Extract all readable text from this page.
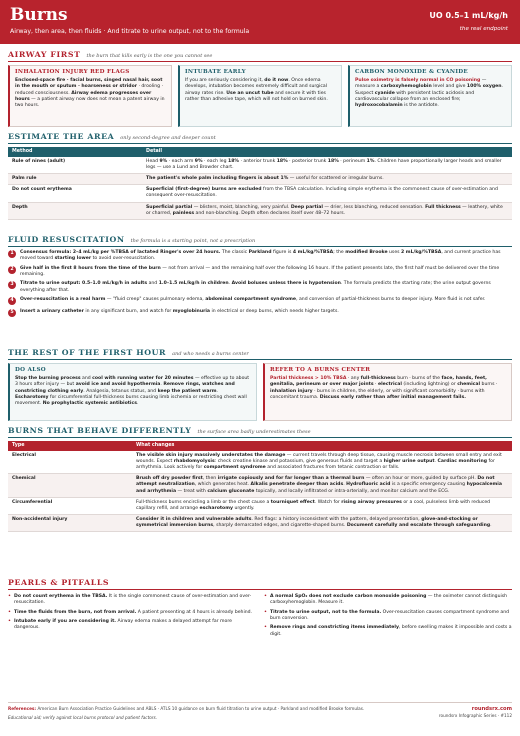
Burns
Airway, then area, then fluids · And titrate to urine output, not to the formula
UO 0.5–1 mL/kg/h
the real endpoint
AIRWAY FIRST the burn that kills early is the one you cannot see
INHALATION INJURY RED FLAGS
Enclosed-space fire · facial burns, singed nasal hair, soot in the mouth or sputum · hoarseness or stridor · drooling · reduced consciousness. Airway edema progresses over hours — a patient airway now does not mean a patent airway in two hours.
INTUBATE EARLY
If you are seriously considering it, do it now. Once edema develops, intubation becomes extremely difficult and surgical airway rates rise. Use an uncut tube and secure it with ties rather than adhesive tape, which will not hold on burned skin.
CARBON MONOXIDE & CYANIDE
Pulse oximetry is falsely normal in CO poisoning — measure a carboxyhemoglobin level and give 100% oxygen. Suspect cyanide with persistent lactic acidosis and cardiovascular collapse from an enclosed fire; hydroxocobalamin is the antidote.
ESTIMATE THE AREA only second-degree and deeper count
Method	Detail
Rule of nines (adult)	Head 9% · each arm 9% · each leg 18% · anterior trunk 18% · posterior trunk 18% · perineum 1%. Children have proportionally larger heads and smaller legs — use a Lund and Browder chart.
Palm rule	The patient's whole palm including fingers is about 1% — useful for scattered or irregular burns.
Do not count erythema	Superficial (first-degree) burns are excluded from the TBSA calculation. Including simple erythema is the commonest cause of over-estimation and consequent over-resuscitation.
Depth	Superficial partial — blisters, moist, blanching, very painful. Deep partial — drier, less blanching, reduced sensation. Full thickness — leathery, white or charred, painless and non-blanching. Depth often declares itself over 48–72 hours.
FLUID RESUSCITATION the formula is a starting point, not a prescription
1	Consensus formula: 2–4 mL/kg per %TBSA of lactated Ringer's over 24 hours. The classic Parkland figure is 4 mL/kg/%TBSA; the modified Brooke uses 2 mL/kg/%TBSA, and current practice has moved toward starting lower to avoid over-resuscitation.
2	Give half in the first 8 hours from the time of the burn — not from arrival — and the remaining half over the following 16 hours. If the patient presents late, the first half must be delivered over the time remaining.
3	Titrate to urine output: 0.5–1.0 mL/kg/h in adults and 1.0–1.5 mL/kg/h in children. Avoid boluses unless there is hypotension. The formula predicts the starting rate; the urine output governs everything after that.
4	Over-resuscitation is a real harm — "fluid creep" causes pulmonary edema, abdominal compartment syndrome, and conversion of partial-thickness burns to deeper injury. More fluid is not safer.
5	Insert a urinary catheter in any significant burn, and watch for myoglobinuria in electrical or deep burns, which needs higher targets.
THE REST OF THE FIRST HOUR and who needs a burns center
DO ALSO
Stop the burning process and cool with running water for 20 minutes — effective up to about 3 hours after injury — but avoid ice and avoid hypothermia. Remove rings, watches and constricting clothing early. Analgesia, tetanus status, and keep the patient warm. Escharotomy for circumferential full-thickness burns causing limb ischemia or restricting chest wall movement. No prophylactic systemic antibiotics.
REFER TO A BURNS CENTER
Partial thickness > 10% TBSA · any full-thickness burn · burns of the face, hands, feet, genitalia, perineum or over major joints · electrical (including lightning) or chemical burns · inhalation injury · burns in children, the elderly, or with significant comorbidity · burns with concomitant trauma. Discuss early rather than after initial management fails.
BURNS THAT BEHAVE DIFFERENTLY the surface area badly underestimates these
Type	What changes
Electrical	The visible skin injury massively understates the damage — current travels through deep tissue, causing muscle necrosis between small entry and exit wounds. Expect rhabdomyolysis: check creatine kinase and potassium, give generous fluids and target a higher urine output. Cardiac monitoring for arrhythmia. Look actively for compartment syndrome and associated fractures from tetanic contraction or falls.
Chemical	Brush off dry powder first, then irrigate copiously and for far longer than a thermal burn — often an hour or more, guided by surface pH. Do not attempt neutralization, which generates heat. Alkalis penetrate deeper than acids. Hydrofluoric acid is a specific emergency causing hypocalcemia and arrhythmia — treat with calcium gluconate topically, and locally infiltrated or intra-arterially, and monitor calcium and the ECG.
Circumferential	Full-thickness burns encircling a limb or the chest cause a tourniquet effect. Watch for rising airway pressures or a cool, pulseless limb with reduced capillary refill, and arrange escharotomy urgently.
Non-accidental injury	Consider it in children and vulnerable adults. Red flags: a history inconsistent with the pattern, delayed presentation, glove-and-stocking or symmetrical immersion burns, sharply demarcated edges, and cigarette-shaped burns. Document carefully and escalate through safeguarding.
PEARLS & PITFALLS
• Do not count erythema in the TBSA. It is the single commonest cause of over-estimation and over-resuscitation.
• Time the fluids from the burn, not from arrival. A patient presenting at 4 hours is already behind.
• Intubate early if you are considering it. Airway edema makes a delayed attempt far more dangerous.
• A normal SpO₂ does not exclude carbon monoxide poisoning — the oximeter cannot distinguish carboxyhemoglobin. Measure it.
• Titrate to urine output, not to the formula. Over-resuscitation causes compartment syndrome and burn conversion.
• Remove rings and constricting items immediately, before swelling makes it impossible and costs a digit.
References: American Burn Association Practice Guidelines and ABLS · ATLS 10 guidance on burn fluid titration to urine output · Parkland and modified Brooke formulas.
Educational aid; verify against local burns protocol and patient factors.
roundsrx.com
roundsrx Infographic Series · #112
